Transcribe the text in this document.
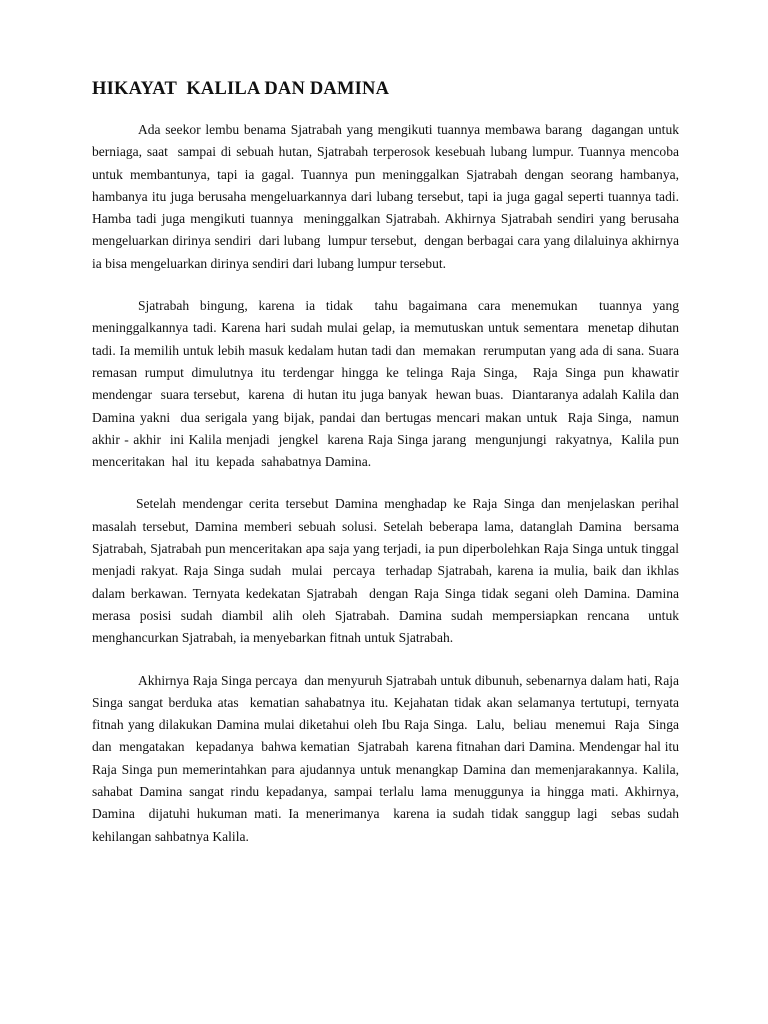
HIKAYAT  KALILA DAN DAMINA

Ada seekor lembu benama Sjatrabah yang mengikuti tuannya membawa barang  dagangan untuk berniaga, saat  sampai di sebuah hutan, Sjatrabah terperosok kesebuah lubang lumpur. Tuannya mencoba untuk membantunya, tapi ia gagal. Tuannya pun meninggalkan Sjatrabah dengan seorang hambanya, hambanya itu juga berusaha mengeluarkannya dari lubang tersebut, tapi ia juga gagal seperti tuannya tadi. Hamba tadi juga mengikuti tuannya  meninggalkan Sjatrabah. Akhirnya Sjatrabah sendiri yang berusaha mengeluarkan dirinya sendiri  dari lubang  lumpur tersebut,  dengan berbagai cara yang dilaluinya akhirnya ia bisa mengeluarkan dirinya sendiri dari lubang lumpur tersebut.

Sjatrabah bingung, karena ia tidak  tahu bagaimana cara menemukan  tuannya yang meninggalkannya tadi. Karena hari sudah mulai gelap, ia memutuskan untuk sementara  menetap dihutan tadi. Ia memilih untuk lebih masuk kedalam hutan tadi dan  memakan  rerumputan yang ada di sana. Suara remasan rumput dimulutnya itu terdengar hingga ke telinga Raja Singa,  Raja Singa pun khawatir  mendengar  suara tersebut,  karena  di hutan itu juga banyak  hewan buas.  Diantaranya adalah Kalila dan Damina yakni  dua serigala yang bijak, pandai dan bertugas mencari makan untuk  Raja Singa,  namun akhir - akhir  ini Kalila menjadi  jengkel  karena Raja Singa jarang  mengunjungi  rakyatnya,  Kalila pun menceritakan  hal  itu  kepada  sahabatnya Damina.

Setelah mendengar cerita tersebut Damina menghadap ke Raja Singa dan menjelaskan perihal masalah tersebut, Damina memberi sebuah solusi. Setelah beberapa lama, datanglah Damina  bersama Sjatrabah, Sjatrabah pun menceritakan apa saja yang terjadi, ia pun diperbolehkan Raja Singa untuk tinggal menjadi rakyat. Raja Singa sudah  mulai  percaya  terhadap Sjatrabah, karena ia mulia, baik dan ikhlas  dalam berkawan. Ternyata kedekatan Sjatrabah  dengan Raja Singa tidak segani oleh Damina. Damina merasa posisi sudah diambil alih oleh Sjatrabah. Damina sudah mempersiapkan rencana  untuk menghancurkan Sjatrabah, ia menyebarkan fitnah untuk Sjatrabah.

Akhirnya Raja Singa percaya  dan menyuruh Sjatrabah untuk dibunuh, sebenarnya dalam hati, Raja Singa sangat berduka atas  kematian sahabatnya itu. Kejahatan tidak akan selamanya tertutupi, ternyata  fitnah yang dilakukan Damina mulai diketahui oleh Ibu Raja Singa.  Lalu,  beliau  menemui  Raja  Singa  dan  mengatakan   kepadanya  bahwa kematian  Sjatrabah  karena fitnahan dari Damina. Mendengar hal itu Raja Singa pun memerintahkan para ajudannya untuk menangkap Damina dan memenjarakannya. Kalila, sahabat Damina sangat rindu kepadanya, sampai terlalu lama menuggunya ia hingga mati. Akhirnya, Damina  dijatuhi hukuman mati. Ia menerimanya  karena ia sudah tidak sanggup lagi  sebas sudah kehilangan sahbatnya Kalila.
